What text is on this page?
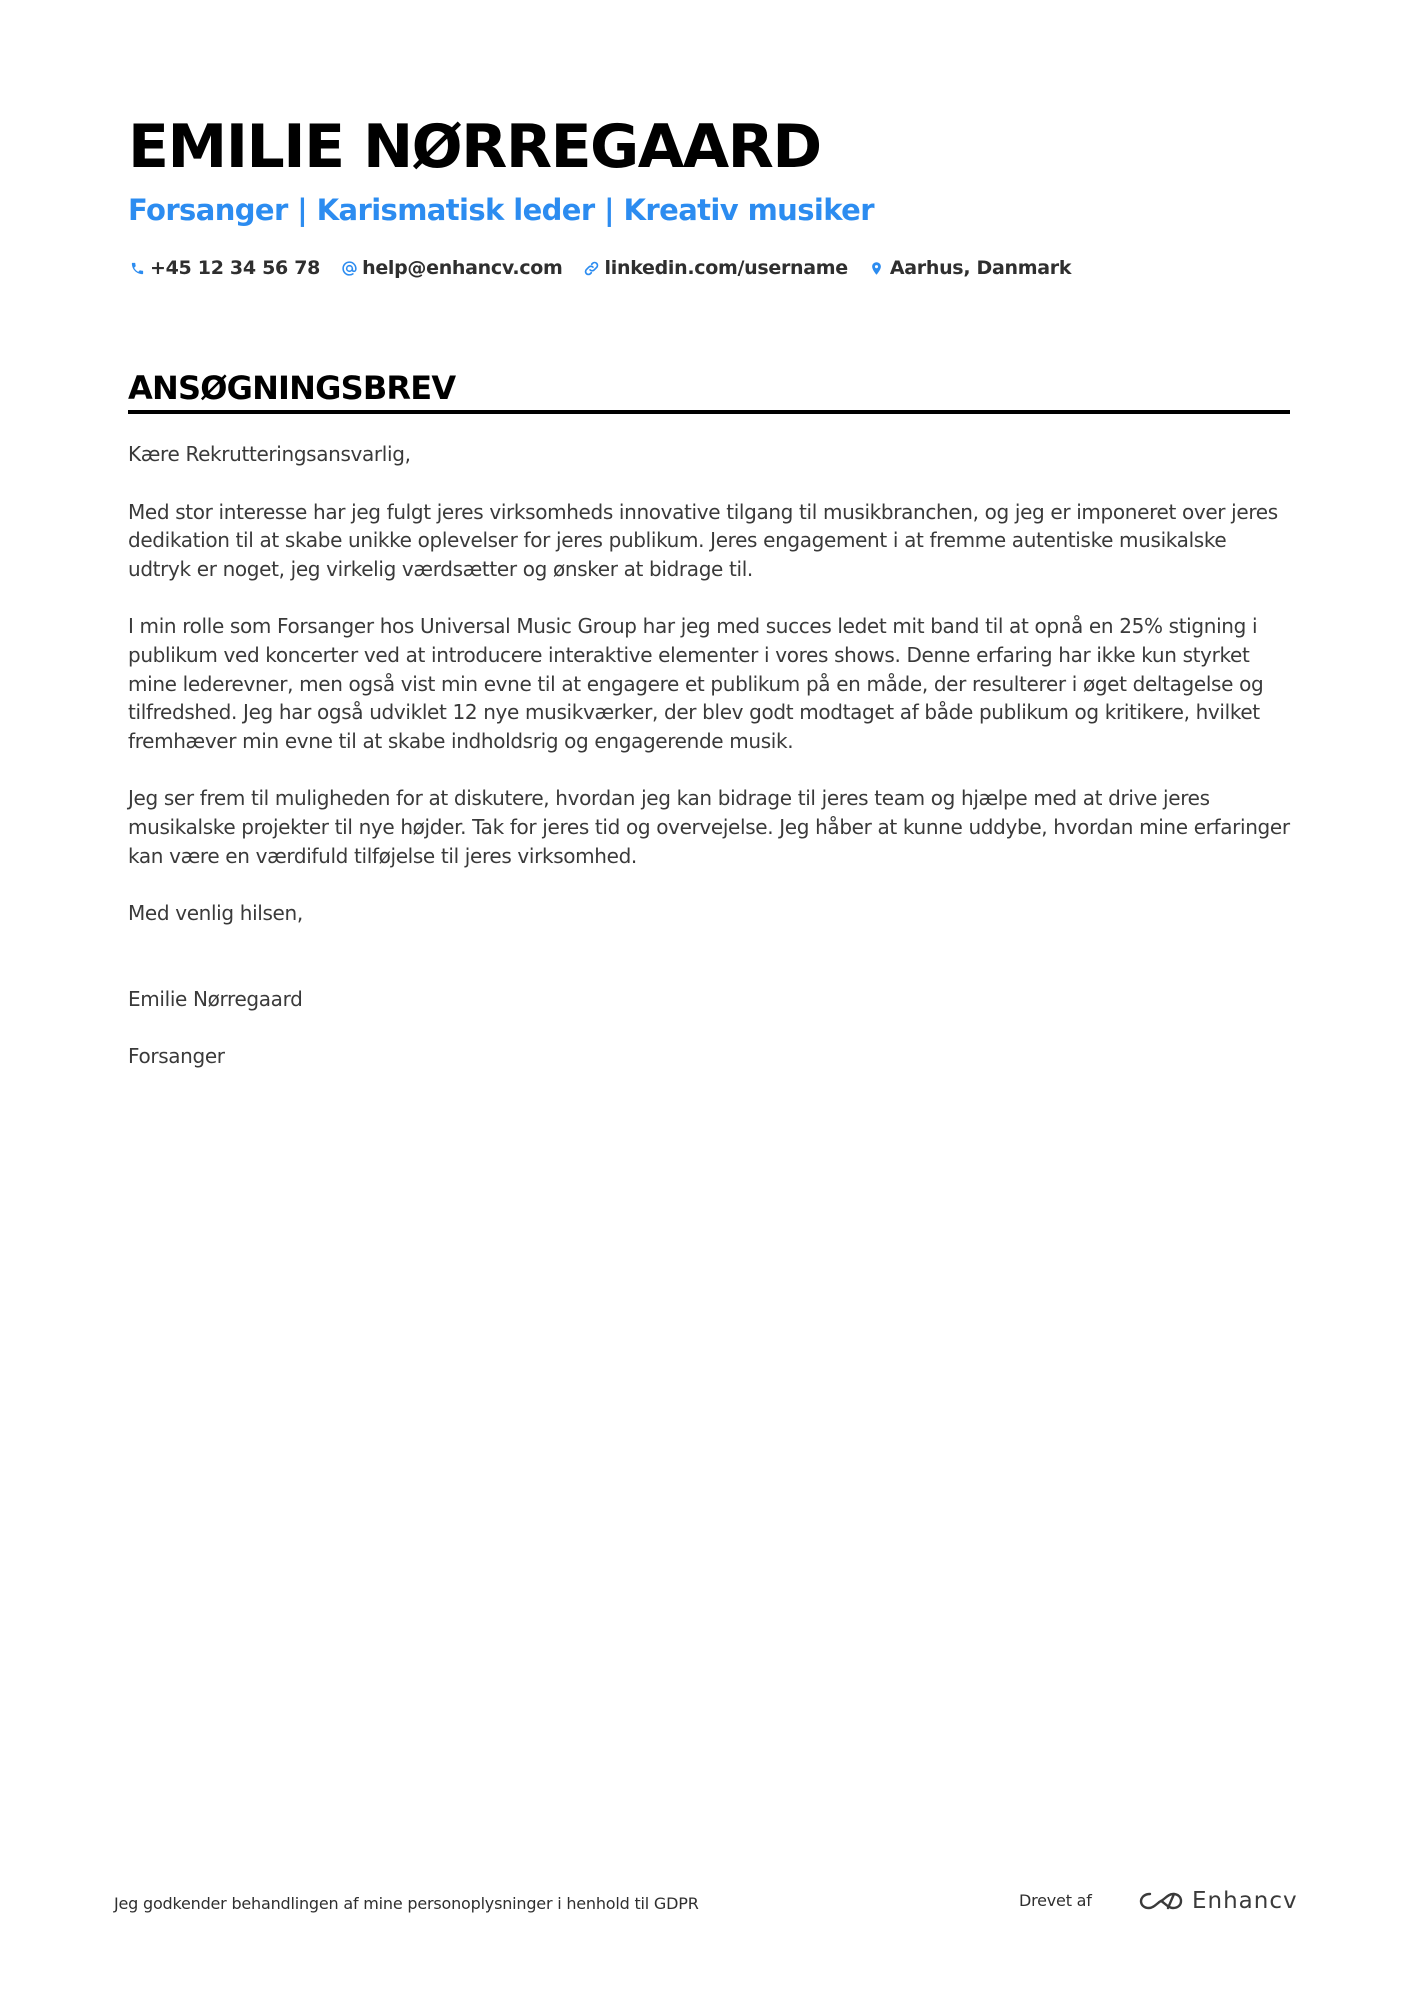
EMILIE NØRREGAARD
Forsanger | Karismatisk leder | Kreativ musiker
+45 12 34 56 78 help@enhancv.com linkedin.com/username Aarhus, Danmark
ANSØGNINGSBREV

Kære Rekrutteringsansvarlig,

Med stor interesse har jeg fulgt jeres virksomheds innovative tilgang til musikbranchen, og jeg er imponeret over jeres dedikation til at skabe unikke oplevelser for jeres publikum. Jeres engagement i at fremme autentiske musikalske udtryk er noget, jeg virkelig værdsætter og ønsker at bidrage til.

I min rolle som Forsanger hos Universal Music Group har jeg med succes ledet mit band til at opnå en 25% stigning i publikum ved koncerter ved at introducere interaktive elementer i vores shows. Denne erfaring har ikke kun styrket mine lederevner, men også vist min evne til at engagere et publikum på en måde, der resulterer i øget deltagelse og tilfredshed. Jeg har også udviklet 12 nye musikværker, der blev godt modtaget af både publikum og kritikere, hvilket fremhæver min evne til at skabe indholdsrig og engagerende musik.

Jeg ser frem til muligheden for at diskutere, hvordan jeg kan bidrage til jeres team og hjælpe med at drive jeres musikalske projekter til nye højder. Tak for jeres tid og overvejelse. Jeg håber at kunne uddybe, hvordan mine erfaringer kan være en værdifuld tilføjelse til jeres virksomhed.

Med venlig hilsen,

Emilie Nørregaard

Forsanger

Jeg godkender behandlingen af mine personoplysninger i henhold til GDPR	Drevet af	Enhancv
